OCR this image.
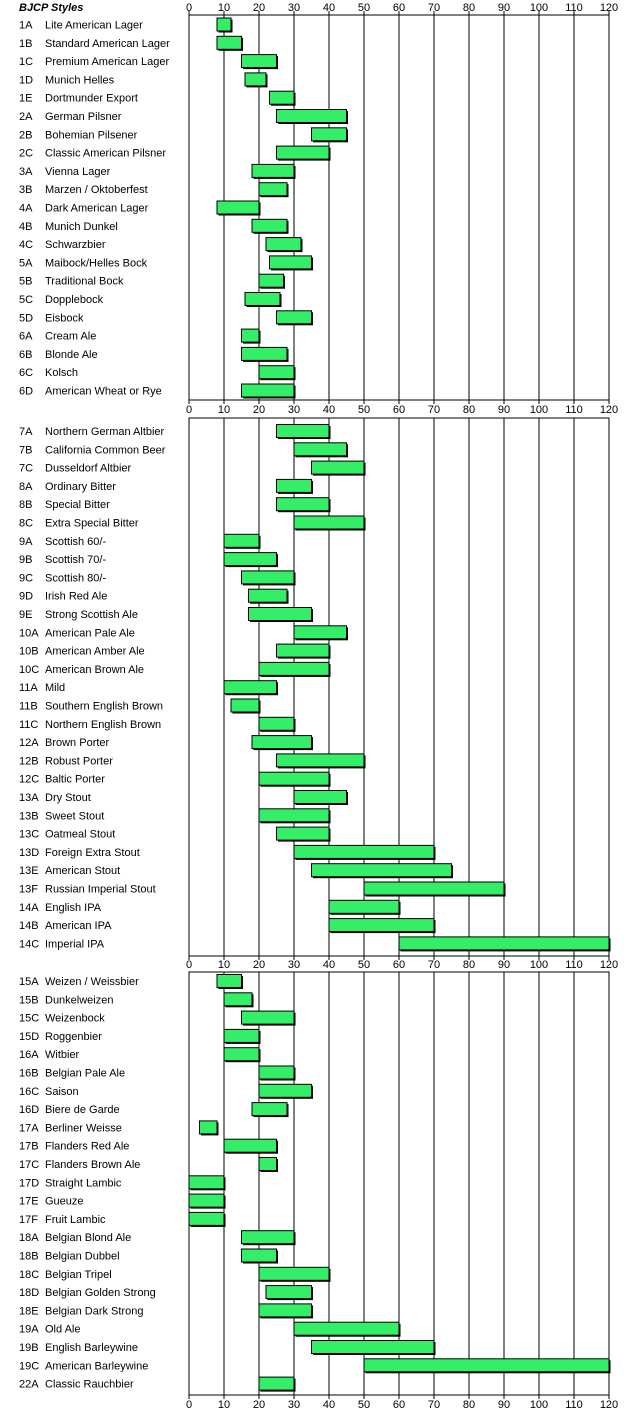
BJCP Styles	0
0
10
10
20
20
30
30
40
40
50
50
60
60
70
70
80
80
90
90
100
100
110
110
120
120
1A Lite American Lager
1B Standard American Lager
1C Premium American Lager
1D Munich Helles
1E Dortmunder Export
2A German Pilsner
2B Bohemian Pilsener
2C Classic American Pilsner
3A Vienna Lager
3B Marzen / Oktoberfest
4A Dark American Lager
4B Munich Dunkel
4C Schwarzbier
5A Maibock/Helles Bock
5B Traditional Bock
5C Dopplebock
5D Eisbock
6A Cream Ale
6B Blonde Ale
6C Kolsch
6D American Wheat or Rye
0 10 20 30 40 50 60 70 80 90 100 110 120
7A Northern German Altbier
7B California Common Beer
7C Dusseldorf Altbier
8A Ordinary Bitter
8B Special Bitter
8C Extra Special Bitter
9A Scottish 60/-
9B Scottish 70/-
9C Scottish 80/-
9D Irish Red Ale
9E Strong Scottish Ale
10A American Pale Ale
10B American Amber Ale
10C American Brown Ale
11A Mild
11B Southern English Brown
11C Northern English Brown
12A Brown Porter
12B Robust Porter
12C Baltic Porter
13A Dry Stout
13B Sweet Stout
13C Oatmeal Stout
13D Foreign Extra Stout
13E American Stout
13F Russian Imperial Stout
14A English IPA
14B American IPA
14C Imperial IPA
0 10 20 30 40 50 60 70 80 90 100 110 120
15A Weizen / Weissbier
15B Dunkelweizen
15C Weizenbock
15D Roggenbier
16A Witbier
16B Belgian Pale Ale
16C Saison
16D Biere de Garde
17A Berliner Weisse
17B Flanders Red Ale
17C Flanders Brown Ale
17D Straight Lambic
17E Gueuze
17F Fruit Lambic
18A Belgian Blond Ale
18B Belgian Dubbel
18C Belgian Tripel
18D Belgian Golden Strong
18E Belgian Dark Strong
19A Old Ale
19B English Barleywine
19C American Barleywine
22A Classic Rauchbier
